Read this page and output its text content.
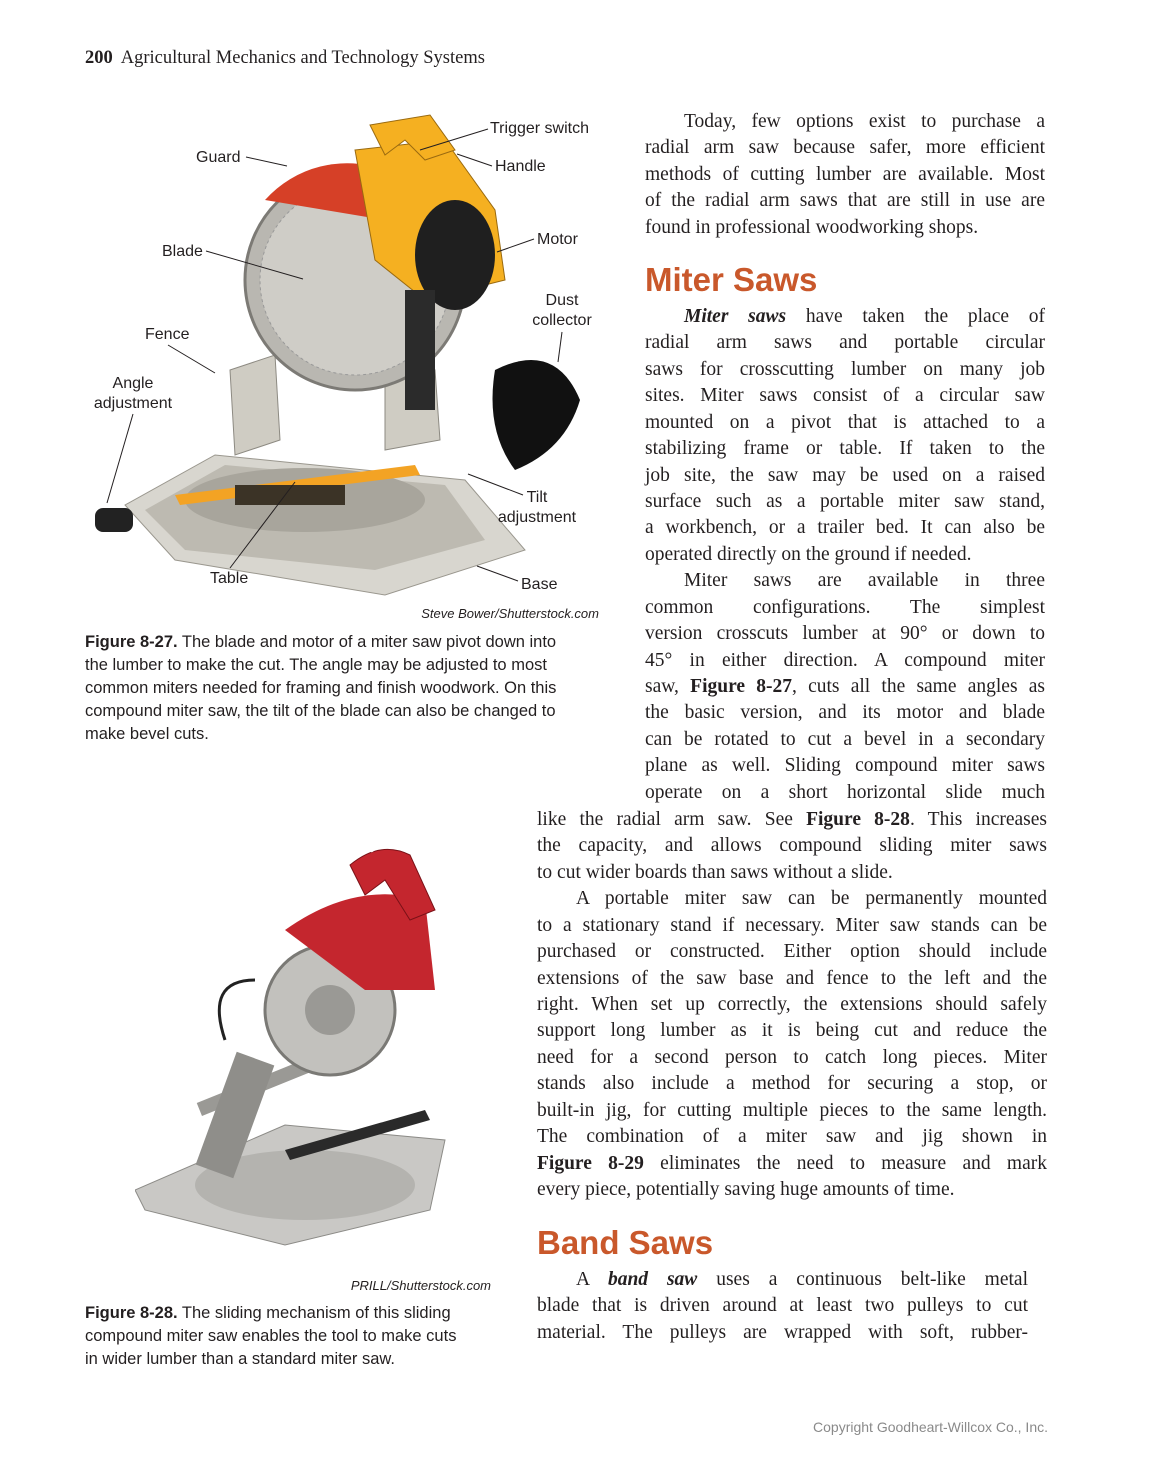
200 Agricultural Mechanics and Technology Systems
Trigger switch
Handle
Guard
Motor
Blade
Dust
collector
Fence
Angle
adjustment
Tilt
adjustment
Table	Base
Steve Bower/Shutterstock.com
Figure 8-27. The blade and motor of a miter saw pivot down into
the lumber to make the cut. The angle may be adjusted to most
common miters needed for framing and finish woodwork. On this
compound miter saw, the tilt of the blade can also be changed to
make bevel cuts.
PRILL/Shutterstock.com
Figure 8-28. The sliding mechanism of this sliding
compound miter saw enables the tool to make cuts
in wider lumber than a standard miter saw.
Today, few options exist to purchase a
radial arm saw because safer, more efficient
methods of cutting lumber are available. Most
of the radial arm saws that are still in use are
found in professional woodworking shops.
Miter saws have taken the place of
radial arm saws and portable circular
saws for crosscutting lumber on many job
sites. Miter saws consist of a circular saw
mounted on a pivot that is attached to a
stabilizing frame or table. If taken to the
job site, the saw may be used on a raised
surface such as a portable miter saw stand,
a workbench, or a trailer bed. It can also be
operated directly on the ground if needed.
Miter saws are available in three
common configurations. The simplest
version crosscuts lumber at 90° or down to
45° in either direction. A compound miter
saw, Figure 8-27, cuts all the same angles as
the basic version, and its motor and blade
can be rotated to cut a bevel in a secondary
plane as well. Sliding compound miter saws
operate on a short horizontal slide much
like the radial arm saw. See Figure 8-28. This increases
the capacity, and allows compound sliding miter saws
to cut wider boards than saws without a slide.
A portable miter saw can be permanently mounted
to a stationary stand if necessary. Miter saw stands can be
purchased or constructed. Either option should include
extensions of the saw base and fence to the left and the
right. When set up correctly, the extensions should safely
support long lumber as it is being cut and reduce the
need for a second person to catch long pieces. Miter
stands also include a method for securing a stop, or
built-in jig, for cutting multiple pieces to the same length.
The combination of a miter saw and jig shown in
Figure 8-29 eliminates the need to measure and mark
every piece, potentially saving huge amounts of time.
A band saw uses a continuous belt-like metal
blade that is driven around at least two pulleys to cut
material. The pulleys are wrapped with soft, rubber-
Miter Saws
Band Saws
Copyright Goodheart-Willcox Co., Inc.
